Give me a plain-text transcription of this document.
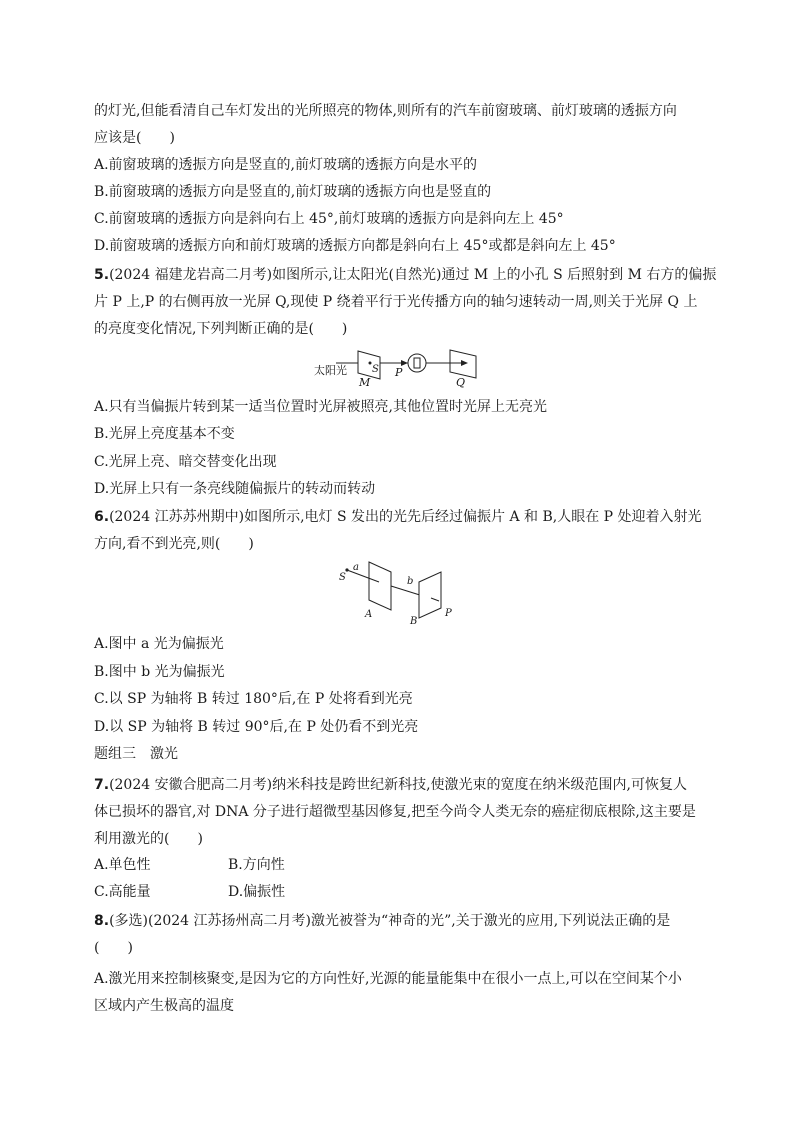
的灯光,但能看清自己车灯发出的光所照亮的物体,则所有的汽车前窗玻璃、前灯玻璃的透振方向
应该是(　　)
A.前窗玻璃的透振方向是竖直的,前灯玻璃的透振方向是水平的
B.前窗玻璃的透振方向是竖直的,前灯玻璃的透振方向也是竖直的
C.前窗玻璃的透振方向是斜向右上 45°,前灯玻璃的透振方向是斜向左上 45°
D.前窗玻璃的透振方向和前灯玻璃的透振方向都是斜向右上 45°或都是斜向左上 45°
5.(2024 福建龙岩高二月考)如图所示,让太阳光(自然光)通过 M 上的小孔 S 后照射到 M 右方的偏振
片 P 上,P 的右侧再放一光屏 Q,现使 P 绕着平行于光传播方向的轴匀速转动一周,则关于光屏 Q 上
的亮度变化情况,下列判断正确的是(　　)
太阳光	S
M
P
Q
A.只有当偏振片转到某一适当位置时光屏被照亮,其他位置时光屏上无亮光
B.光屏上亮度基本不变
C.光屏上亮、暗交替变化出现
D.光屏上只有一条亮线随偏振片的转动而转动
6.(2024 江苏苏州期中)如图所示,电灯 S 发出的光先后经过偏振片 A 和 B,人眼在 P 处迎着入射光
方向,看不到光亮,则(　　)
a
S
A
b
B
P
A.图中 a 光为偏振光
B.图中 b 光为偏振光
C.以 SP 为轴将 B 转过 180°后,在 P 处将看到光亮
D.以 SP 为轴将 B 转过 90°后,在 P 处仍看不到光亮
题组三　激光
7.(2024 安徽合肥高二月考)纳米科技是跨世纪新科技,使激光束的宽度在纳米级范围内,可恢复人
体已损坏的器官,对 DNA 分子进行超微型基因修复,把至今尚令人类无奈的癌症彻底根除,这主要是
利用激光的(　　)
A.单色性	B.方向性
C.高能量	D.偏振性
8.(多选)(2024 江苏扬州高二月考)激光被誉为“神奇的光”,关于激光的应用,下列说法正确的是
(　　)
A.激光用来控制核聚变,是因为它的方向性好,光源的能量能集中在很小一点上,可以在空间某个小
区域内产生极高的温度
